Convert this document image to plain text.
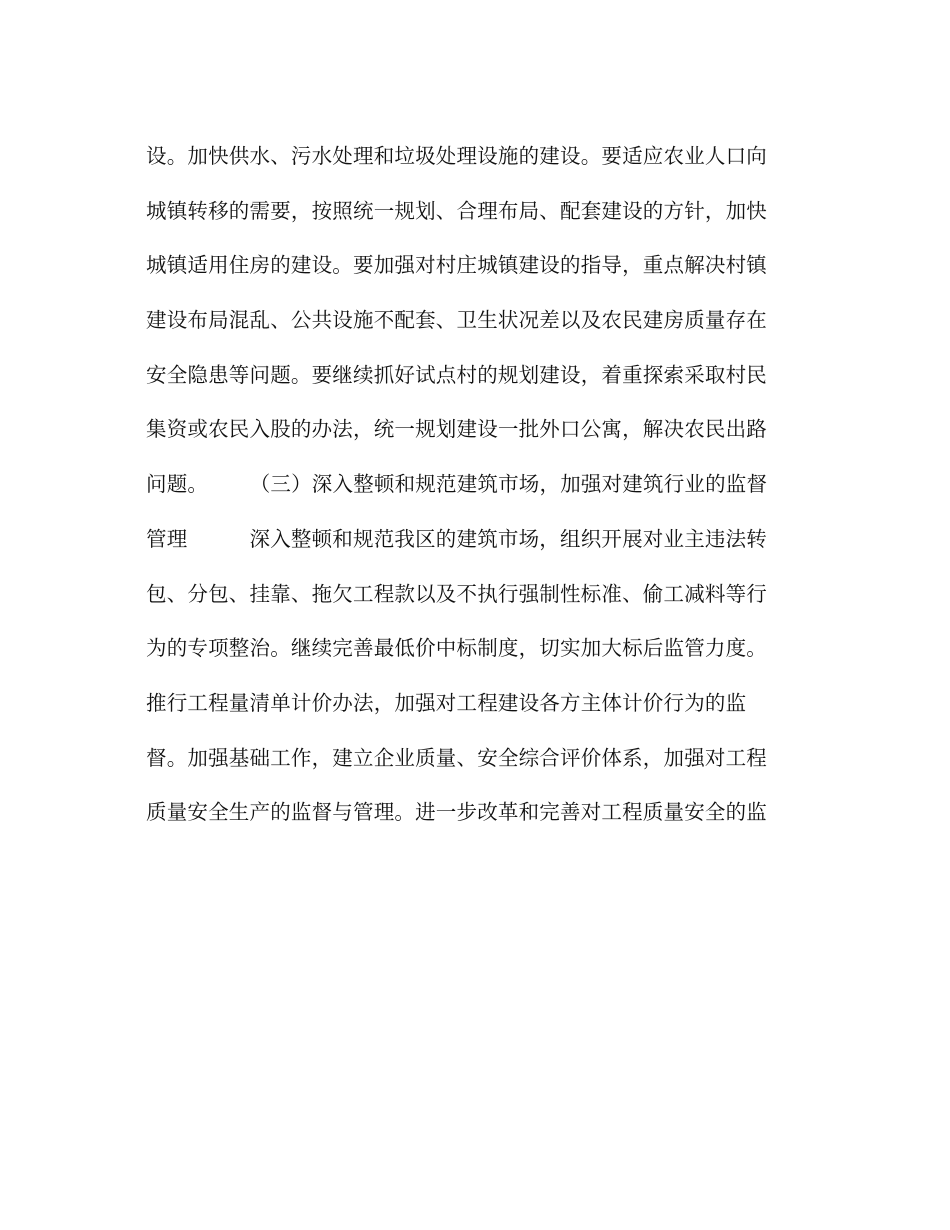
设。加快供水、污水处理和垃圾处理设施的建设。要适应农业人口向
城镇转移的需要，按照统一规划、合理布局、配套建设的方针，加快
城镇适用住房的建设。要加强对村庄城镇建设的指导，重点解决村镇
建设布局混乱、公共设施不配套、卫生状况差以及农民建房质量存在
安全隐患等问题。要继续抓好试点村的规划建设，着重探索采取村民
集资或农民入股的办法，统一规划建设一批外口公寓，解决农民出路
问题。　　　（三）深入整顿和规范建筑市场，加强对建筑行业的监督
管理　　　深入整顿和规范我区的建筑市场，组织开展对业主违法转
包、分包、挂靠、拖欠工程款以及不执行强制性标准、偷工减料等行
为的专项整治。继续完善最低价中标制度，切实加大标后监管力度。
推行工程量清单计价办法，加强对工程建设各方主体计价行为的监
督。加强基础工作，建立企业质量、安全综合评价体系，加强对工程
质量安全生产的监督与管理。进一步改革和完善对工程质量安全的监
